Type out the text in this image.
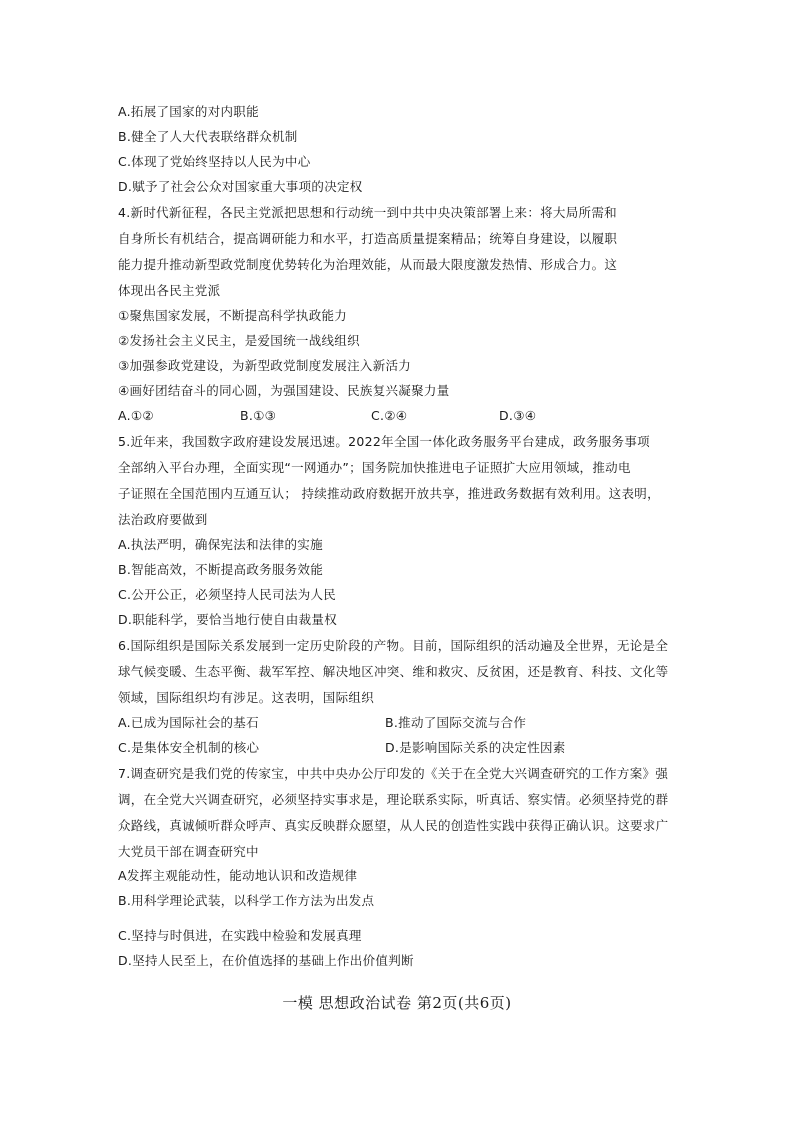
A.拓展了国家的对内职能
B.健全了人大代表联络群众机制
C.体现了党始终坚持以人民为中心
D.赋予了社会公众对国家重大事项的决定权
4.新时代新征程，各民主党派把思想和行动统一到中共中央决策部署上来：将大局所需和
自身所长有机结合，提高调研能力和水平，打造高质量提案精品；统筹自身建设，以履职
能力提升推动新型政党制度优势转化为治理效能，从而最大限度激发热情、形成合力。这
体现出各民主党派
①聚焦国家发展，不断提高科学执政能力
②发扬社会主义民主，是爱国统一战线组织
③加强参政党建设，为新型政党制度发展注入新活力
④画好团结奋斗的同心圆，为强国建设、民族复兴凝聚力量
A.①②	B.①③	C.②④	D.③④
5.近年来，我国数字政府建设发展迅速。2022年全国一体化政务服务平台建成，政务服务事项
全部纳入平台办理，全面实现“一网通办”；国务院加快推进电子证照扩大应用领域，推动电
子证照在全国范围内互通互认； 持续推动政府数据开放共享，推进政务数据有效利用。这表明，
法治政府要做到
A.执法严明，确保宪法和法律的实施
B.智能高效，不断提高政务服务效能
C.公开公正，必须坚持人民司法为人民
D.职能科学，要恰当地行使自由裁量权
6.国际组织是国际关系发展到一定历史阶段的产物。目前，国际组织的活动遍及全世界，无论是全
球气候变暖、生态平衡、裁军军控、解决地区冲突、维和救灾、反贫困，还是教育、科技、文化等
领域，国际组织均有涉足。这表明，国际组织
A.已成为国际社会的基石	B.推动了国际交流与合作
C.是集体安全机制的核心	D.是影响国际关系的决定性因素
7.调查研究是我们党的传家宝，中共中央办公厅印发的《关于在全党大兴调查研究的工作方案》强
调，在全党大兴调查研究，必须坚持实事求是，理论联系实际，听真话、察实情。必须坚持党的群
众路线，真诚倾听群众呼声、真实反映群众愿望，从人民的创造性实践中获得正确认识。这要求广
大党员干部在调查研究中
A发挥主观能动性，能动地认识和改造规律
B.用科学理论武装，以科学工作方法为出发点
C.坚持与时俱进，在实践中检验和发展真理
D.坚持人民至上，在价值选择的基础上作出价值判断
一模 思想政治试卷 第2页(共6页)
